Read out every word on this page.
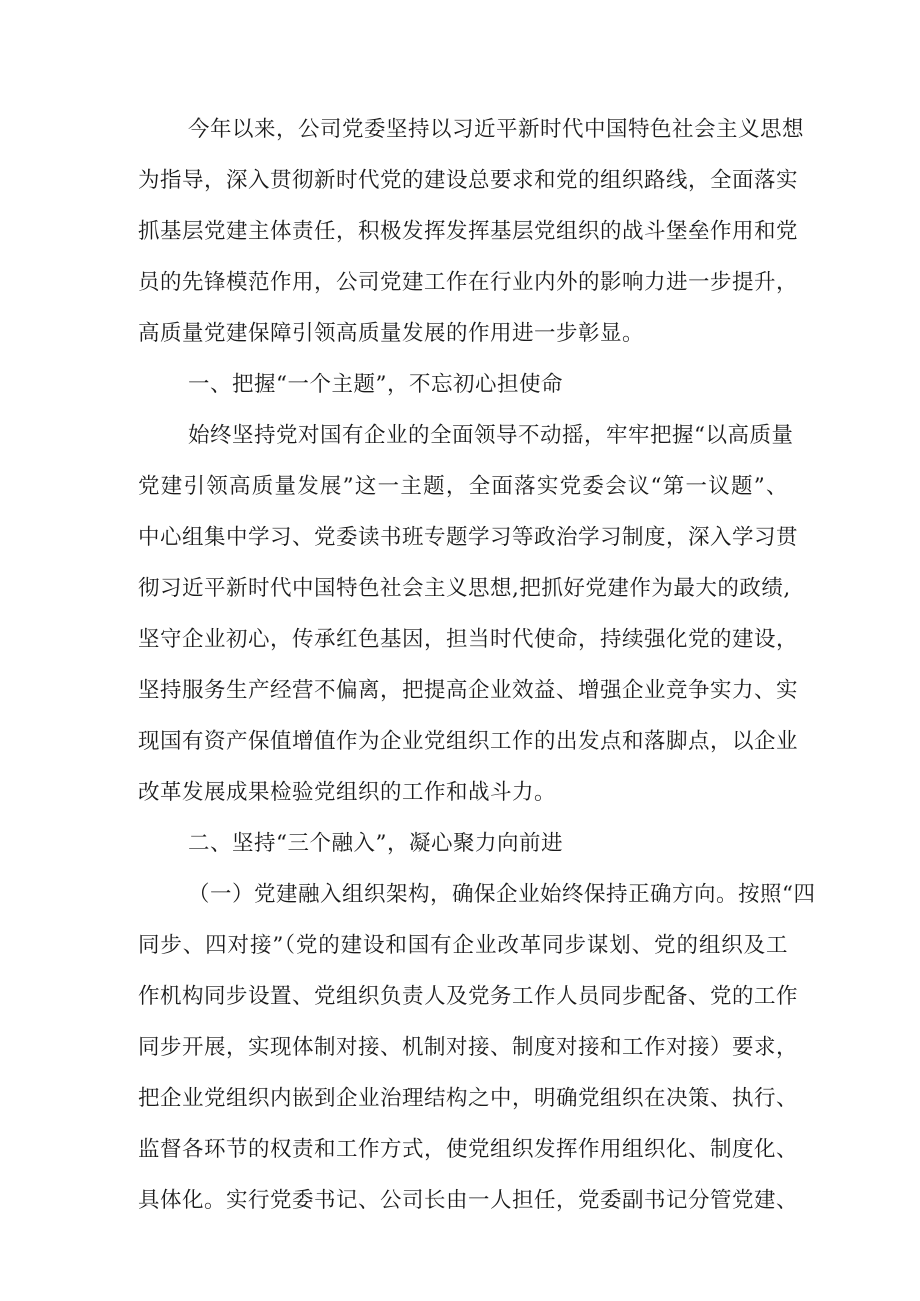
今年以来，公司党委坚持以习近平新时代中国特色社会主义思想
为指导，深入贯彻新时代党的建设总要求和党的组织路线，全面落实
抓基层党建主体责任，积极发挥发挥基层党组织的战斗堡垒作用和党
员的先锋模范作用，公司党建工作在行业内外的影响力进一步提升，
高质量党建保障引领高质量发展的作用进一步彰显。
一、把握“一个主题”，不忘初心担使命
始终坚持党对国有企业的全面领导不动摇，牢牢把握“以高质量
党建引领高质量发展”这一主题，全面落实党委会议“第一议题”、
中心组集中学习、党委读书班专题学习等政治学习制度，深入学习贯
彻习近平新时代中国特色社会主义思想,把抓好党建作为最大的政绩,
坚守企业初心，传承红色基因，担当时代使命，持续强化党的建设，
坚持服务生产经营不偏离，把提高企业效益、增强企业竞争实力、实
现国有资产保值增值作为企业党组织工作的出发点和落脚点，以企业
改革发展成果检验党组织的工作和战斗力。
二、坚持“三个融入”，凝心聚力向前进
（一）党建融入组织架构，确保企业始终保持正确方向。按照“四
同步、四对接”（党的建设和国有企业改革同步谋划、党的组织及工
作机构同步设置、党组织负责人及党务工作人员同步配备、党的工作
同步开展，实现体制对接、机制对接、制度对接和工作对接）要求，
把企业党组织内嵌到企业治理结构之中，明确党组织在决策、执行、
监督各环节的权责和工作方式，使党组织发挥作用组织化、制度化、
具体化。实行党委书记、公司长由一人担任，党委副书记分管党建、
